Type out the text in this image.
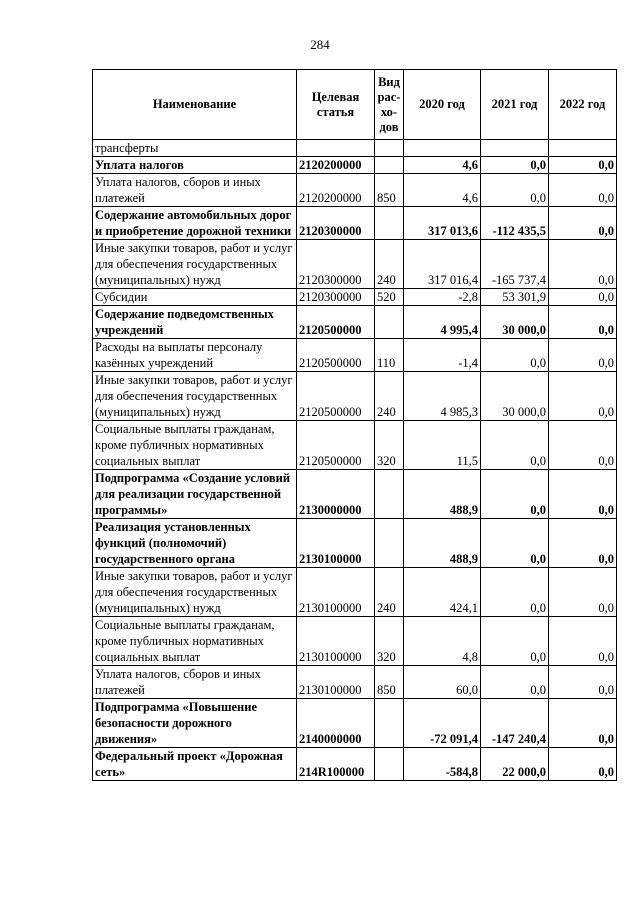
284
Наименование	Целевая статья	Вид рас-хо-дов	2020 год	2021 год	2022 год
трансферты					
Уплата налогов	2120200000		4,6	0,0	0,0
Уплата налогов, сборов и иных платежей	2120200000	850	4,6	0,0	0,0
Содержание автомобильных дорог и приобретение дорожной техники	2120300000		317 013,6	-112 435,5	0,0
Иные закупки товаров, работ и услуг для обеспечения государственных (муниципальных) нужд	2120300000	240	317 016,4	-165 737,4	0,0
Субсидии	2120300000	520	-2,8	53 301,9	0,0
Содержание подведомственных учреждений	2120500000		4 995,4	30 000,0	0,0
Расходы на выплаты персоналу казённых учреждений	2120500000	110	-1,4	0,0	0,0
Иные закупки товаров, работ и услуг для обеспечения государственных (муниципальных) нужд	2120500000	240	4 985,3	30 000,0	0,0
Социальные выплаты гражданам, кроме публичных нормативных социальных выплат	2120500000	320	11,5	0,0	0,0
Подпрограмма «Создание условий для реализации государственной программы»	2130000000		488,9	0,0	0,0
Реализация установленных функций (полномочий) государственного органа	2130100000		488,9	0,0	0,0
Иные закупки товаров, работ и услуг для обеспечения государственных (муниципальных) нужд	2130100000	240	424,1	0,0	0,0
Социальные выплаты гражданам, кроме публичных нормативных социальных выплат	2130100000	320	4,8	0,0	0,0
Уплата налогов, сборов и иных платежей	2130100000	850	60,0	0,0	0,0
Подпрограмма «Повышение безопасности дорожного движения»	2140000000		-72 091,4	-147 240,4	0,0
Федеральный проект «Дорожная сеть»	214R100000		-584,8	22 000,0	0,0
